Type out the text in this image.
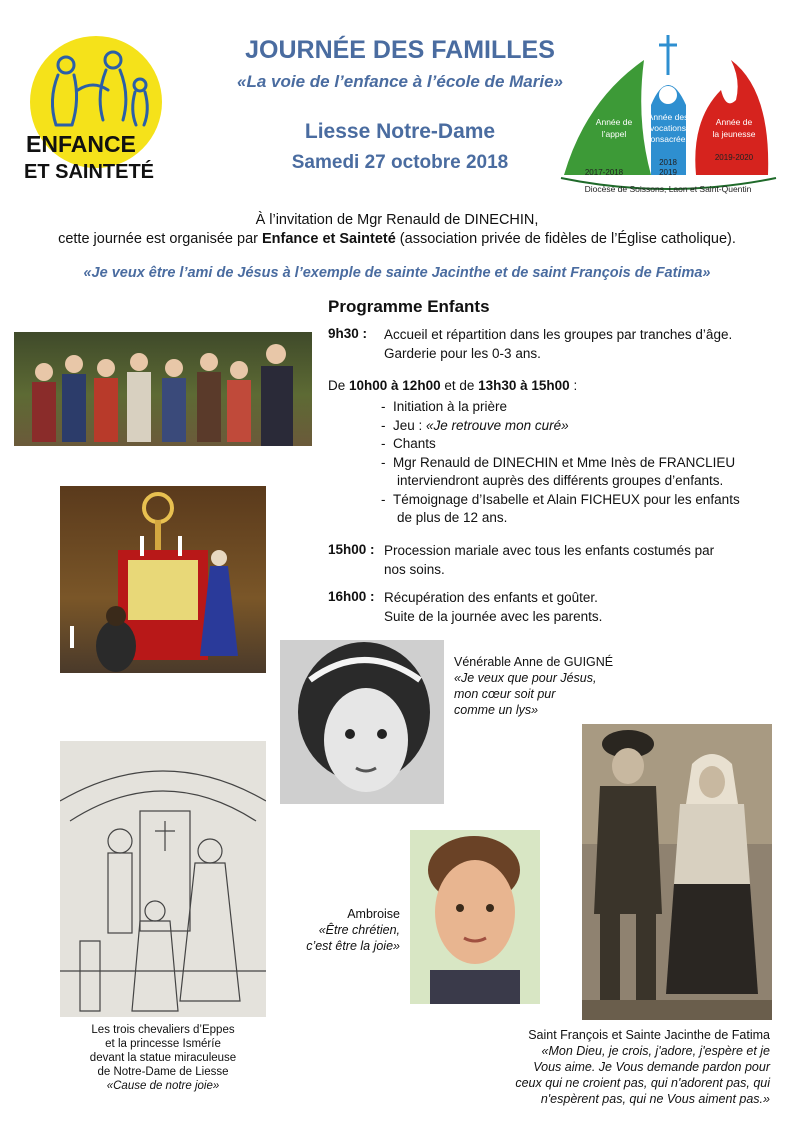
ENFANCE
ET SAINTETÉ
JOURNÉE DES FAMILLES
«La voie de l’enfance à l’école de Marie»
Liesse Notre-Dame
Samedi 27 octobre 2018
Année de
l’appel
Année des
vocations
consacrées
Année de
la jeunesse
2017-2018
2018
2019
2019-2020
Diocèse de Soissons, Laon et Saint-Quentin
À l’invitation de Mgr Renauld de DINECHIN,
cette journée est organisée par Enfance et Sainteté (association privée de fidèles de l’Église catholique).
«Je veux être l’ami de Jésus à l’exemple de sainte Jacinthe et de saint François de Fatima»
Programme Enfants
9h30 : Accueil et répartition dans les groupes par tranches d’âge.
Garderie pour les 0-3 ans.
De 10h00 à 12h00 et de 13h30 à 15h00 :
-  Initiation à la prière
-  Jeu : «Je retrouve mon curé»
-  Chants
-  Mgr Renauld de DINECHIN et Mme Inès de FRANCLIEU
interviendront auprès des différents groupes d’enfants.
-  Témoignage d’Isabelle et Alain FICHEUX pour les enfants
de plus de 12 ans.
15h00 : Procession mariale avec tous les enfants costumés par
nos soins.
16h00 : Récupération des enfants et goûter.
Suite de la journée avec les parents.
Vénérable Anne de GUIGNÉ
«Je veux que pour Jésus,
mon cœur soit pur
comme un lys»
Ambroise
«Être chrétien,
c’est être la joie»
Les trois chevaliers d’Eppes
et la princesse Isméríe
devant la statue miraculeuse
de Notre-Dame de Liesse
«Cause de notre joie»
Saint François et Sainte Jacinthe de Fatima
«Mon Dieu, je crois, j'adore, j'espère et je
Vous aime. Je Vous demande pardon pour
ceux qui ne croient pas, qui n'adorent pas, qui
n'espèrent pas, qui ne Vous aiment pas.»
